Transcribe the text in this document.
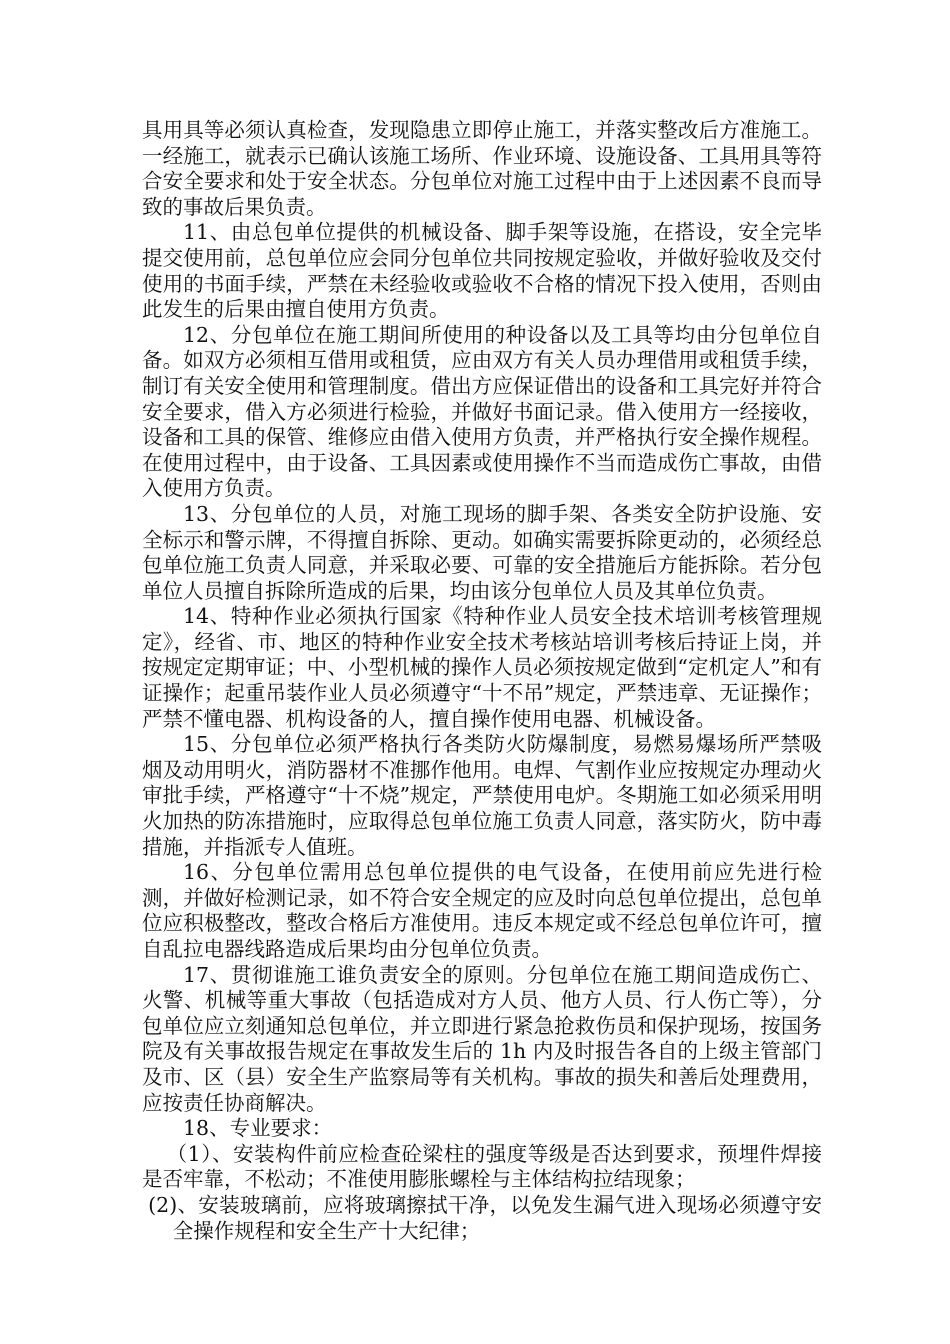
具用具等必须认真检查，发现隐患立即停止施工，并落实整改后方准施工。一经施工，就表示已确认该施工场所、作业环境、设施设备、工具用具等符合安全要求和处于安全状态。分包单位对施工过程中由于上述因素不良而导致的事故后果负责。

11、由总包单位提供的机械设备、脚手架等设施，在搭设，安全完毕提交使用前，总包单位应会同分包单位共同按规定验收，并做好验收及交付使用的书面手续，严禁在未经验收或验收不合格的情况下投入使用，否则由此发生的后果由擅自使用方负责。

12、分包单位在施工期间所使用的种设备以及工具等均由分包单位自备。如双方必须相互借用或租赁，应由双方有关人员办理借用或租赁手续，制订有关安全使用和管理制度。借出方应保证借出的设备和工具完好并符合安全要求，借入方必须进行检验，并做好书面记录。借入使用方一经接收，设备和工具的保管、维修应由借入使用方负责，并严格执行安全操作规程。在使用过程中，由于设备、工具因素或使用操作不当而造成伤亡事故，由借入使用方负责。

13、分包单位的人员，对施工现场的脚手架、各类安全防护设施、安全标示和警示牌，不得擅自拆除、更动。如确实需要拆除更动的，必须经总包单位施工负责人同意，并采取必要、可靠的安全措施后方能拆除。若分包单位人员擅自拆除所造成的后果，均由该分包单位人员及其单位负责。

14、特种作业必须执行国家《特种作业人员安全技术培训考核管理规定》，经省、市、地区的特种作业安全技术考核站培训考核后持证上岗，并按规定定期审证；中、小型机械的操作人员必须按规定做到“定机定人”和有证操作；起重吊装作业人员必须遵守“十不吊”规定，严禁违章、无证操作；严禁不懂电器、机构设备的人，擅自操作使用电器、机械设备。

15、分包单位必须严格执行各类防火防爆制度，易燃易爆场所严禁吸烟及动用明火，消防器材不准挪作他用。电焊、气割作业应按规定办理动火审批手续，严格遵守“十不烧”规定，严禁使用电炉。冬期施工如必须采用明火加热的防冻措施时，应取得总包单位施工负责人同意，落实防火，防中毒措施，并指派专人值班。

16、分包单位需用总包单位提供的电气设备，在使用前应先进行检测，并做好检测记录，如不符合安全规定的应及时向总包单位提出，总包单位应积极整改，整改合格后方准使用。违反本规定或不经总包单位许可，擅自乱拉电器线路造成后果均由分包单位负责。

17、贯彻谁施工谁负责安全的原则。分包单位在施工期间造成伤亡、火警、机械等重大事故（包括造成对方人员、他方人员、行人伤亡等），分包单位应立刻通知总包单位，并立即进行紧急抢救伤员和保护现场，按国务院及有关事故报告规定在事故发生后的 1h 内及时报告各自的上级主管部门及市、区（县）安全生产监察局等有关机构。事故的损失和善后处理费用，应按责任协商解决。

18、专业要求：

（1）、安装构件前应检查砼梁柱的强度等级是否达到要求，预埋件焊接是否牢靠，不松动；不准使用膨胀螺栓与主体结构拉结现象；

(2)、安装玻璃前，应将玻璃擦拭干净，以免发生漏气进入现场必须遵守安全操作规程和安全生产十大纪律；
